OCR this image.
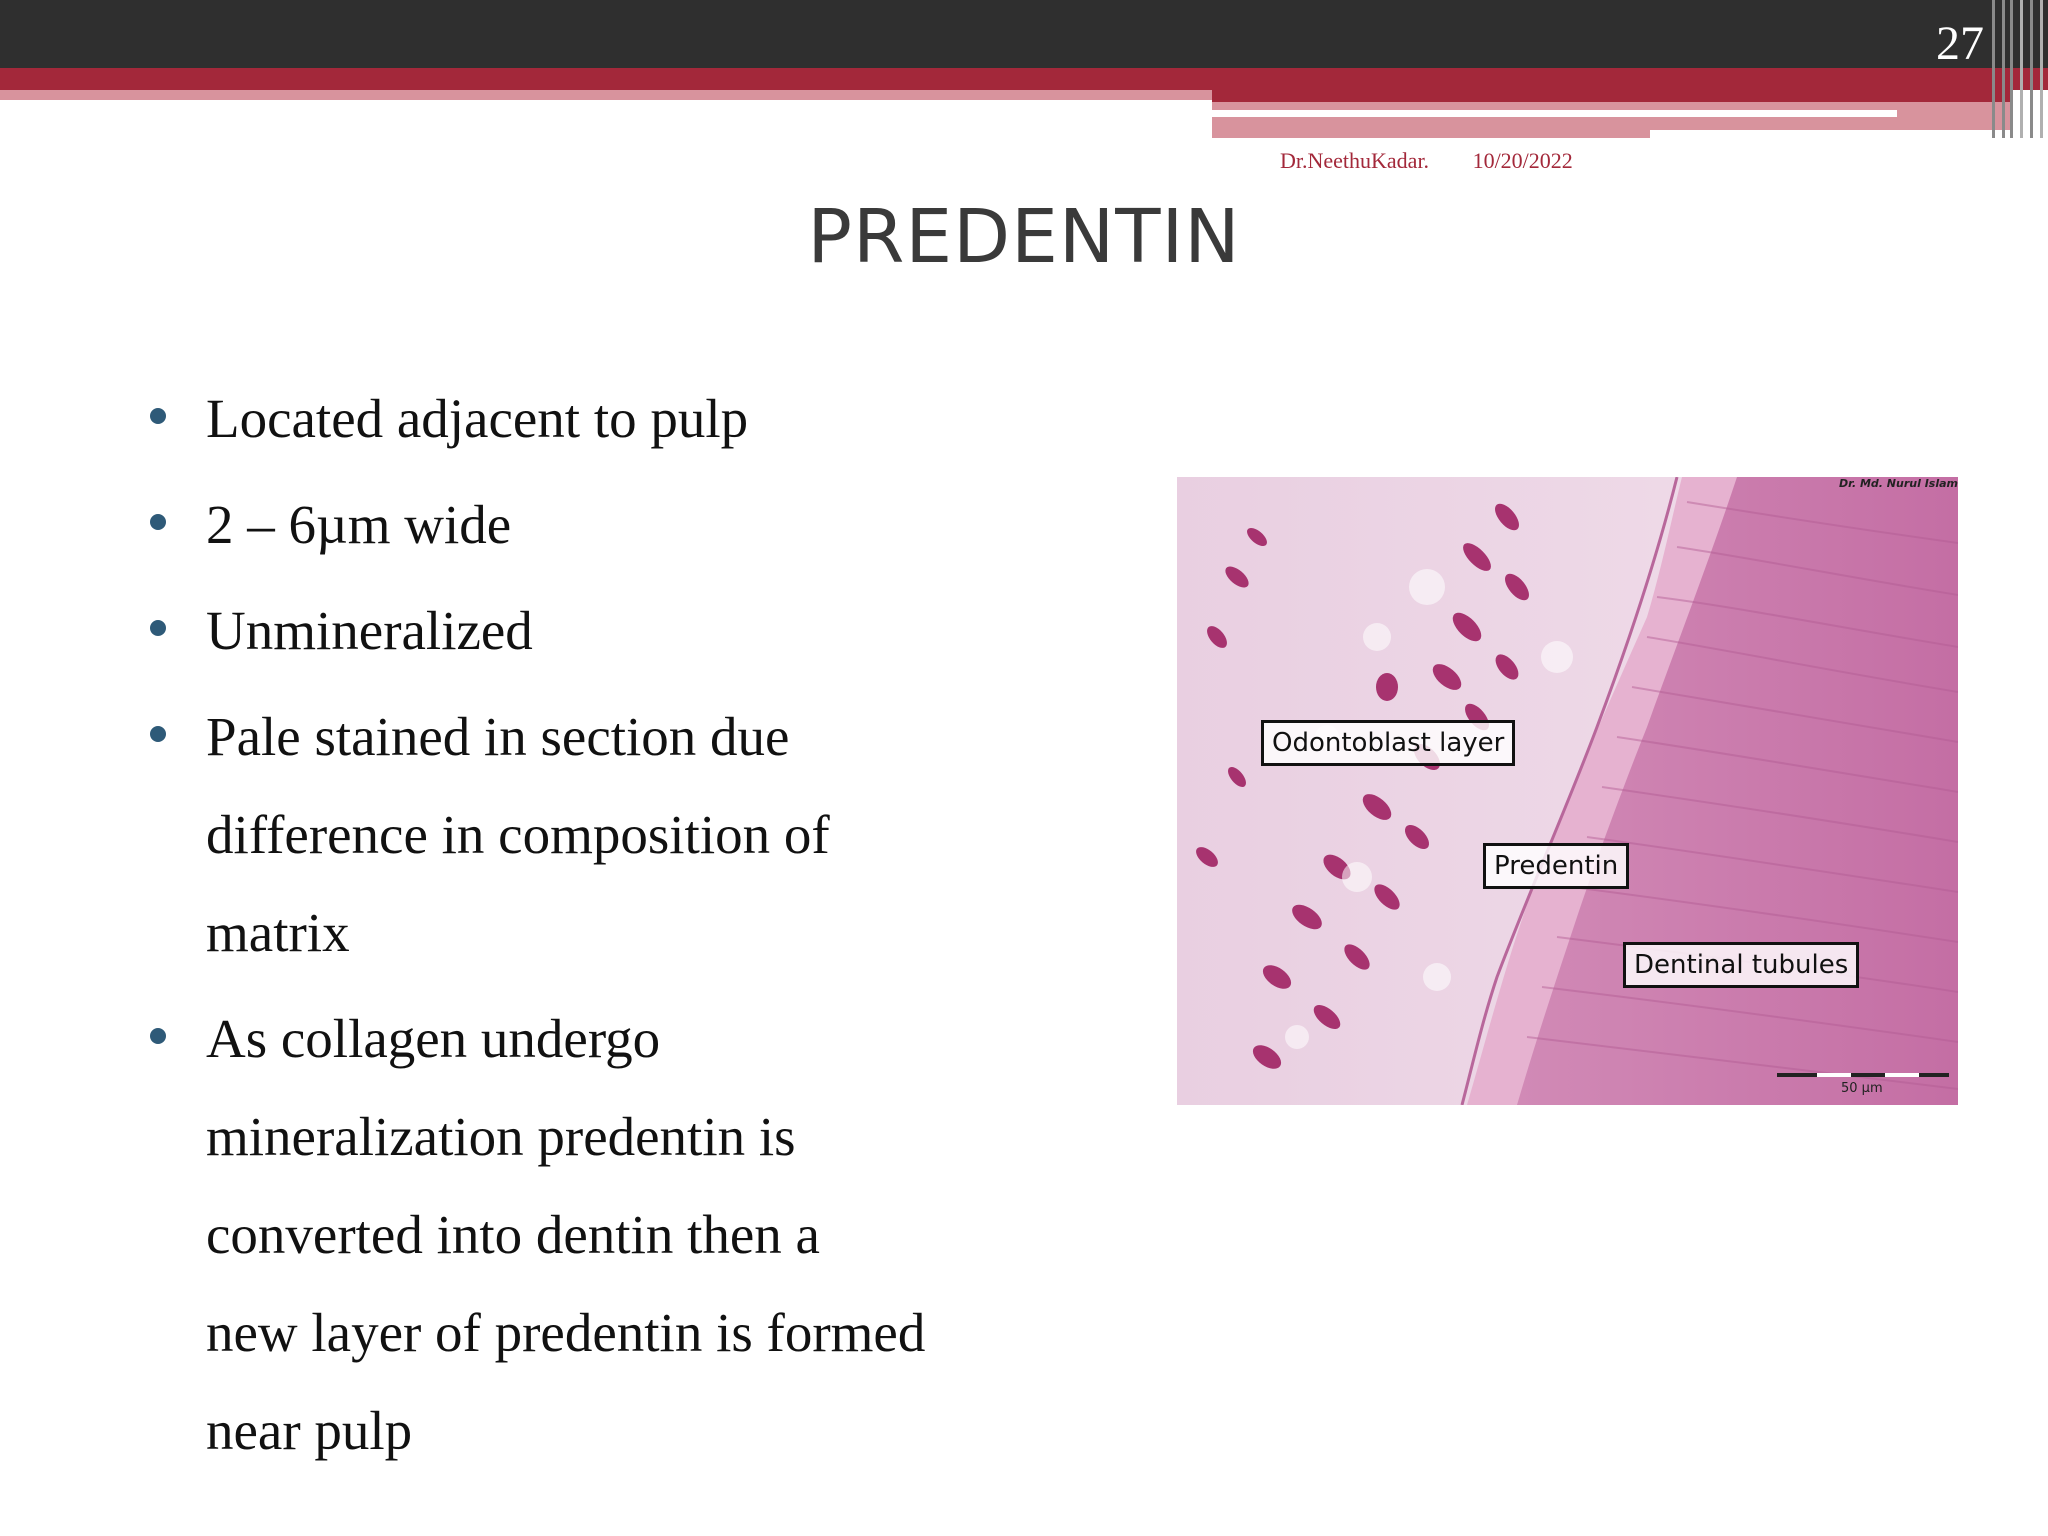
27
Dr.NeethuKadar. 10/20/2022
PREDENTIN
Located adjacent to pulp
2 – 6µm wide
Unmineralized
Pale stained in section due
difference in composition of
matrix
As collagen undergo
mineralization predentin is
converted into dentin then a
new layer of predentin is formed
near pulp
Dr. Md. Nurul Islam
Odontoblast layer
Predentin
Dentinal tubules
50 µm
